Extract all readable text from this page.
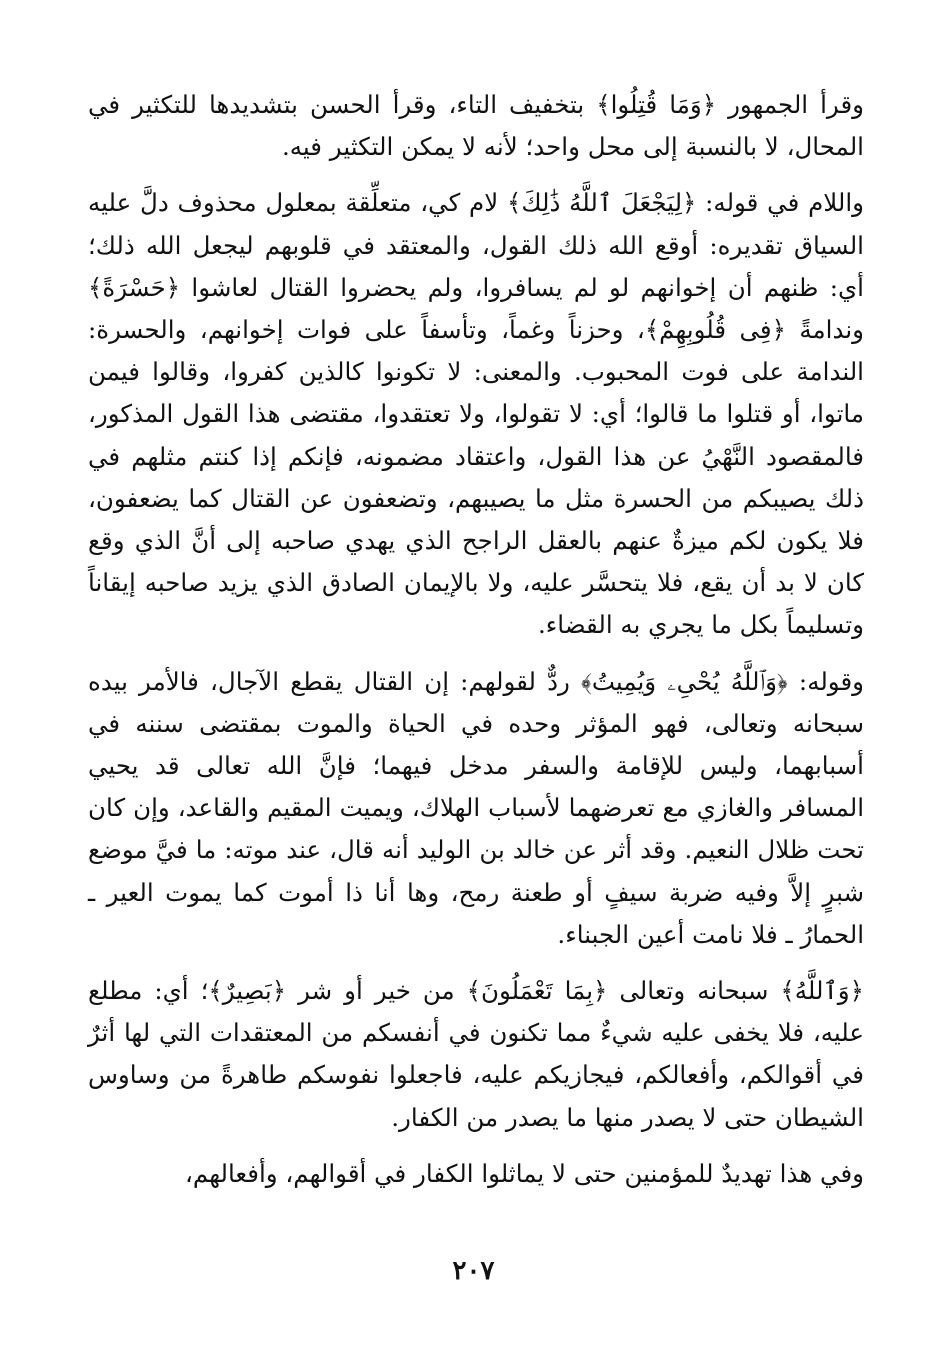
وقرأ الجمهور ﴿وَمَا قُتِلُوا﴾ بتخفيف التاء، وقرأ الحسن بتشديدها للتكثير في المحال، لا بالنسبة إلى محل واحد؛ لأنه لا يمكن التكثير فيه.

واللام في قوله: ﴿لِيَجْعَلَ ٱللَّهُ ذَٰلِكَ﴾ لام كي، متعلِّقة بمعلول محذوف دلَّ عليه السياق تقديره: أوقع الله ذلك القول، والمعتقد في قلوبهم ليجعل الله ذلك؛ أي: ظنهم أن إخوانهم لو لم يسافروا، ولم يحضروا القتال لعاشوا ﴿حَسْرَةً﴾ وندامةً ﴿فِى قُلُوبِهِمْ﴾، وحزناً وغماً، وتأسفاً على فوات إخوانهم، والحسرة: الندامة على فوت المحبوب. والمعنى: لا تكونوا كالذين كفروا، وقالوا فيمن ماتوا، أو قتلوا ما قالوا؛ أي: لا تقولوا، ولا تعتقدوا، مقتضى هذا القول المذكور، فالمقصود النَّهْيُ عن هذا القول، واعتقاد مضمونه، فإنكم إذا كنتم مثلهم في ذلك يصيبكم من الحسرة مثل ما يصيبهم، وتضعفون عن القتال كما يضعفون، فلا يكون لكم ميزةٌ عنهم بالعقل الراجح الذي يهدي صاحبه إلى أنَّ الذي وقع كان لا بد أن يقع، فلا يتحسَّر عليه، ولا بالإيمان الصادق الذي يزيد صاحبه إيقاناً وتسليماً بكل ما يجري به القضاء.

وقوله: ﴿وَٱللَّهُ يُحْىِۦ وَيُمِيتُ﴾ ردٌّ لقولهم: إن القتال يقطع الآجال، فالأمر بيده سبحانه وتعالى، فهو المؤثر وحده في الحياة والموت بمقتضى سننه في أسبابهما، وليس للإقامة والسفر مدخل فيهما؛ فإنَّ الله تعالى قد يحيي المسافر والغازي مع تعرضهما لأسباب الهلاك، ويميت المقيم والقاعد، وإن كان تحت ظلال النعيم. وقد أثر عن خالد بن الوليد أنه قال، عند موته: ما فيَّ موضع شبرٍ إلاَّ وفيه ضربة سيفٍ أو طعنة رمح، وها أنا ذا أموت كما يموت العير ـ الحمارُ ـ فلا نامت أعين الجبناء.

﴿وَٱللَّهُ﴾ سبحانه وتعالى ﴿بِمَا تَعْمَلُونَ﴾ من خير أو شر ﴿بَصِيرٌ﴾؛ أي: مطلع عليه، فلا يخفى عليه شيءٌ مما تكنون في أنفسكم من المعتقدات التي لها أثرٌ في أقوالكم، وأفعالكم، فيجازيكم عليه، فاجعلوا نفوسكم طاهرةً من وساوس الشيطان حتى لا يصدر منها ما يصدر من الكفار.

وفي هذا تهديدٌ للمؤمنين حتى لا يماثلوا الكفار في أقوالهم، وأفعالهم،

٢٠٧
